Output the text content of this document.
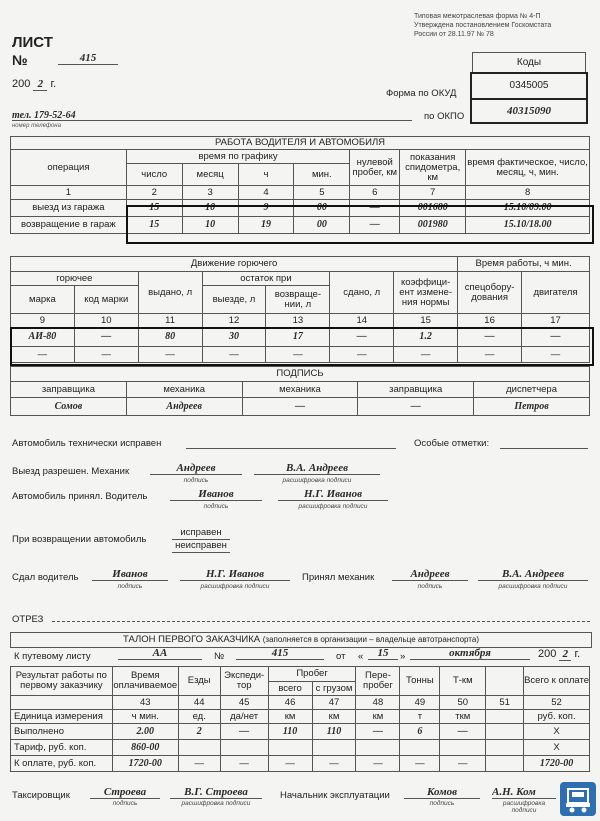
Типовая межотраслевая форма № 4-П
Утверждена постановлением Госкомстата
России от 28.11.97 № 78
ЛИСТ
№	415
200 2 г.
Коды
0345005
40315090
Форма по ОКУД
по ОКПО
тел. 179-52-64
номер телефона
РАБОТА ВОДИТЕЛЯ И АВТОМОБИЛЯ							
операция	время по графику				нулевой пробег, км	показания спидометра, км	время фактическое, число, месяц, ч, мин.
	число	месяц	ч	мин.			
1	2	3	4	5	6	7	8
выезд из гаража	15	10	9	00	—	001680	15.10/09.00
возвращение в гараж	15	10	19	00	—	001980	15.10/18.00
Движение горючего							Время работы, ч мин.	
горючее		выдано, л	остаток при		сдано, л	коэффици-ент измене-ния нормы	спецобору-дования	двигателя
марка	код марки		выезде, л	возвраще-нии, л				
9	10	11	12	13	14	15	16	17
АИ-80	—	80	30	17	—	1.2	—	—
—	—	—	—	—	—	—	—	—
ПОДПИСЬ				
заправщика	механика	механика	заправщика	диспетчера
Сомов	Андреев	—	—	Петров
Автомобиль технически исправен	Особые отметки:
Выезд разрешен. Механик	Андреев	В.А. Андреев
подпись	расшифровка подписи
Автомобиль принял. Водитель	Иванов	Н.Г. Иванов
подпись	расшифровка подписи
При возвращении автомобиль
исправен
неисправен
Сдал водитель	Иванов	Н.Г. Иванов
подпись	расшифровка подписи
Принял механик	Андреев	В.А. Андреев
подпись	расшифровка подписи
ОТРЕЗ
ТАЛОН ПЕРВОГО ЗАКАЗЧИКА (заполняется в организации – владельце автотранспорта)
К путевому листу	АА	№	415	от «	15	»	октября	200 2 г.
Результат работы по первому заказчику	Время оплачиваемое	Езды	Экспеди-тор	Пробег		Пере-пробег	Тонны	Т-км		Всего к оплате
				всего	с грузом					
	43	44	45	46	47	48	49	50	51	52
Единица измерения	ч мин.	ед.	да/нет	км	км	км	т	ткм		руб. коп.
Выполнено	2.00	2	—	110	110	—	6	—		X
Тариф, руб. коп.	860-00									X
К оплате, руб. коп.	1720-00	—	—	—	—	—	—	—		1720-00
Таксировщик	Строева	В.Г. Строева
подпись	расшифровка подписи
Начальник эксплуатации	Комов	А.Н. Ком
подпись	расшифровка подписи
